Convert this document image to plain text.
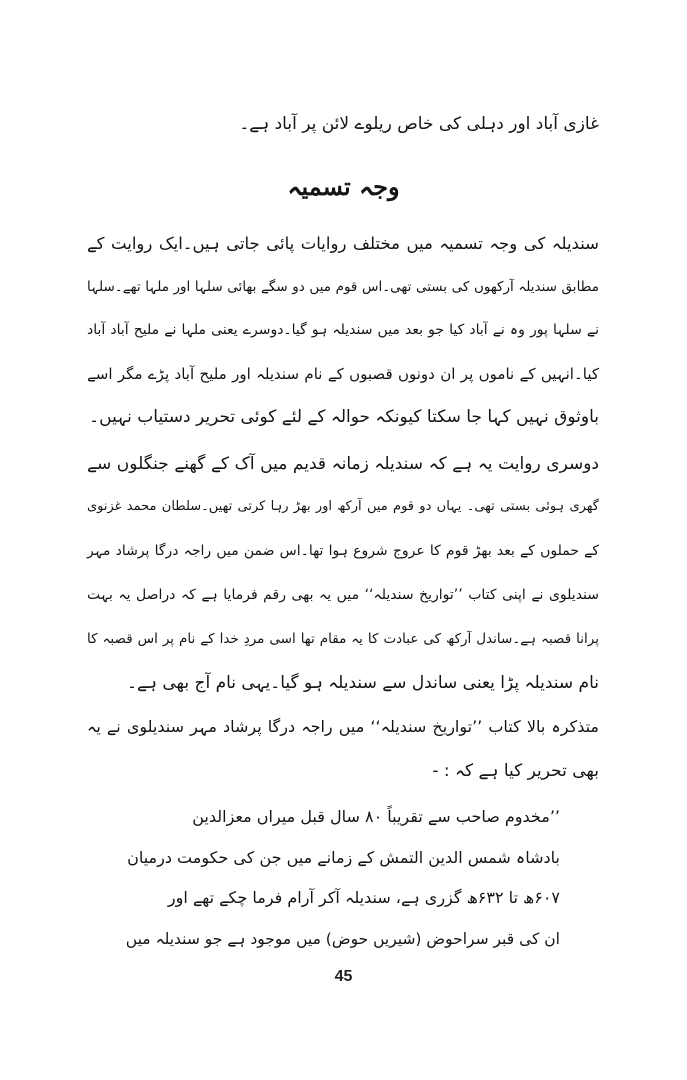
غازی آباد اور دہلی کی خاص ریلوے لائن پر آباد ہے۔
وجہ تسمیہ
سندیلہ کی وجہ تسمیہ میں مختلف روایات پائی جاتی ہیں۔ایک روایت کے
مطابق سندیلہ آرکھوں کی بستی تھی۔اس قوم میں دو سگے بھائی سلہا اور ملہا تھے۔سلہا
نے سلہا پور وہ نے آباد کیا جو بعد میں سندیلہ ہو گیا۔دوسرے یعنی ملہا نے ملیح آباد آباد
کیا۔انہیں کے ناموں پر ان دونوں قصبوں کے نام سندیلہ اور ملیح آباد پڑے مگر اسے
باوثوق نہیں کہا جا سکتا کیونکہ حوالہ کے لئے کوئی تحریر دستیاب نہیں۔
دوسری روایت یہ ہے کہ سندیلہ زمانہ قدیم میں آک کے گھنے جنگلوں سے
گھری ہوئی بستی تھی۔ یہاں دو قوم میں آرکھ اور بھڑ رہا کرتی تھیں۔سلطان محمد غزنوی
کے حملوں کے بعد بھڑ قوم کا عروج شروع ہوا تھا۔اس ضمن میں راجہ درگا پرشاد مہر
سندیلوی نے اپنی کتاب ’’تواریخ سندیلہ‘‘ میں یہ بھی رقم فرمایا ہے کہ دراصل یہ بہت
پرانا قصبہ ہے۔ساندل آرکھ کی عبادت کا یہ مقام تھا اسی مردِ خدا کے نام پر اس قصبہ کا
نام سندیلہ پڑا یعنی ساندل سے سندیلہ ہو گیا۔یہی نام آج بھی ہے۔
متذکرہ بالا کتاب ’’تواریخ سندیلہ‘‘ میں راجہ درگا پرشاد مہر سندیلوی نے یہ
بھی تحریر کیا ہے کہ : -
’’مخدوم صاحب سے تقریباً ۸۰ سال قبل میراں معزالدین
بادشاہ شمس الدین التمش کے زمانے میں جن کی حکومت درمیان
۶۰۷ھ تا ۶۳۲ھ گزری ہے، سندیلہ آکر آرام فرما چکے تھے اور
ان کی قبر سراحوض (شیریں حوض) میں موجود ہے جو سندیلہ میں
45
